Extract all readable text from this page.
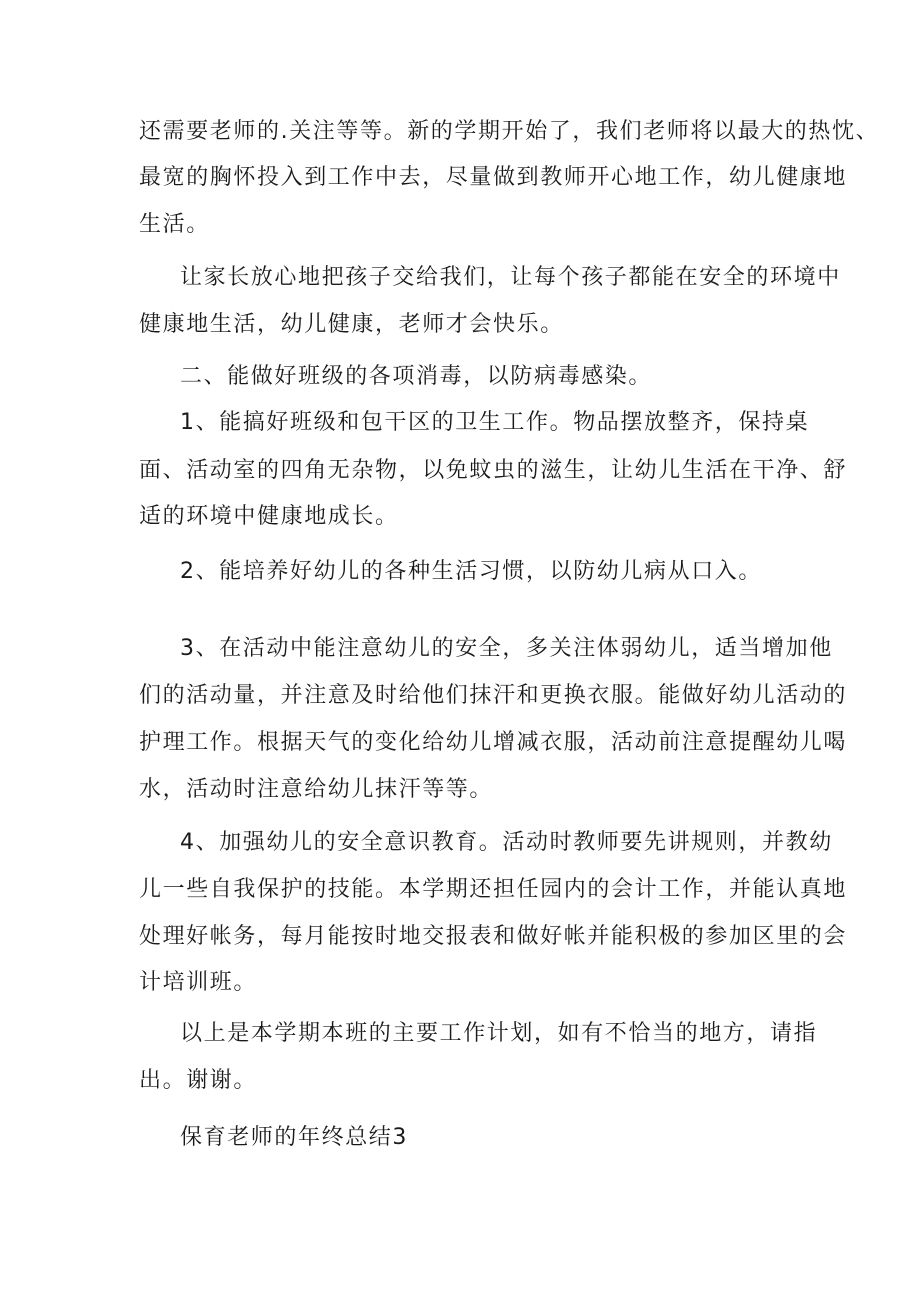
还需要老师的.关注等等。新的学期开始了，我们老师将以最大的热忱、
最宽的胸怀投入到工作中去，尽量做到教师开心地工作，幼儿健康地
生活。
让家长放心地把孩子交给我们，让每个孩子都能在安全的环境中
健康地生活，幼儿健康，老师才会快乐。
二、能做好班级的各项消毒，以防病毒感染。
1、能搞好班级和包干区的卫生工作。物品摆放整齐，保持桌
面、活动室的四角无杂物，以免蚊虫的滋生，让幼儿生活在干净、舒
适的环境中健康地成长。
2、能培养好幼儿的各种生活习惯，以防幼儿病从口入。
3、在活动中能注意幼儿的安全，多关注体弱幼儿，适当增加他
们的活动量，并注意及时给他们抹汗和更换衣服。能做好幼儿活动的
护理工作。根据天气的变化给幼儿增减衣服，活动前注意提醒幼儿喝
水，活动时注意给幼儿抹汗等等。
4、加强幼儿的安全意识教育。活动时教师要先讲规则，并教幼
儿一些自我保护的技能。本学期还担任园内的会计工作，并能认真地
处理好帐务，每月能按时地交报表和做好帐并能积极的参加区里的会
计培训班。
以上是本学期本班的主要工作计划，如有不恰当的地方，请指
出。谢谢。
保育老师的年终总结3
